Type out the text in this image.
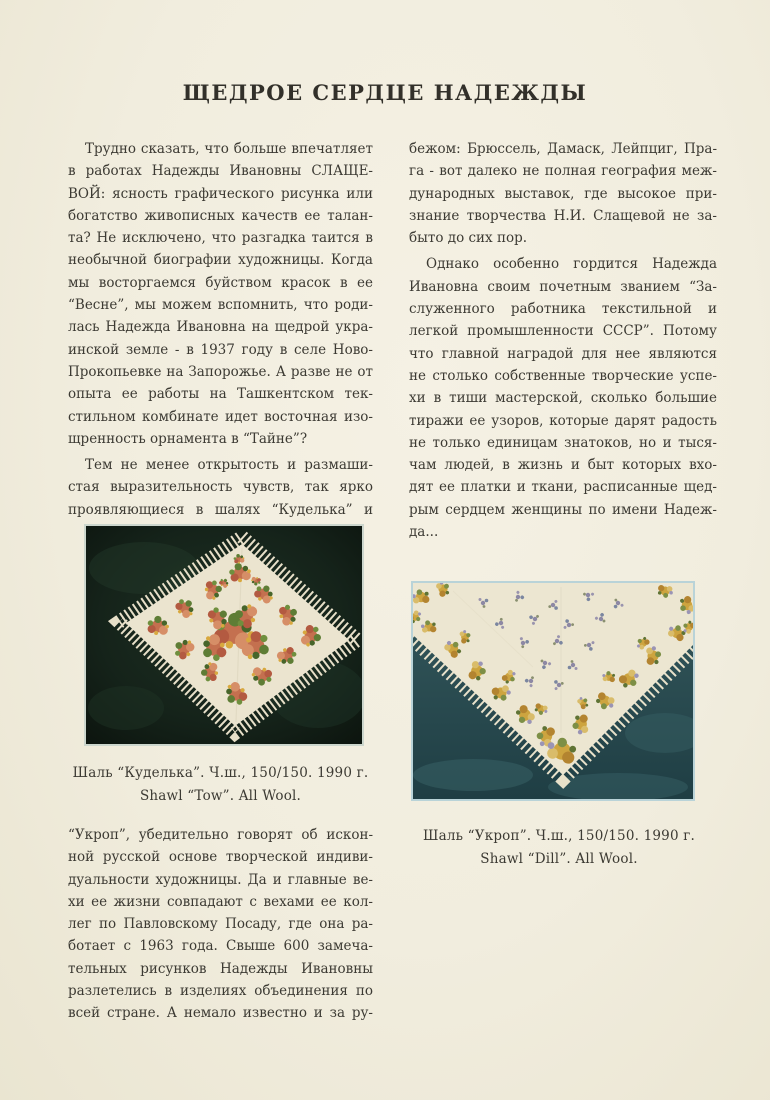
ЩЕДРОЕ СЕРДЦЕ НАДЕЖДЫ
Трудно сказать, что больше впечатляет
в работах Надежды Ивановны СЛАЩЕ-
ВОЙ: ясность графического рисунка или
богатство живописных качеств ее талан-
та? Не исключено, что разгадка таится в
необычной биографии художницы. Когда
мы восторгаемся буйством красок в ее
“Весне”, мы можем вспомнить, что роди-
лась Надежда Ивановна на щедрой укра-
инской земле - в 1937 году в селе Ново-
Прокопьевке на Запорожье. А разве не от
опыта ее работы на Ташкентском тек-
стильном комбинате идет восточная изо-
щренность орнамента в “Тайне”?
Тем не менее открытость и размаши-
стая выразительность чувств, так ярко
проявляющиеся в шалях “Куделька” и
бежом: Брюссель, Дамаск, Лейпциг, Пра-
га - вот далеко не полная география меж-
дународных выставок, где высокое при-
знание творчества Н.И. Слащевой не за-
быто до сих пор.
Однако особенно гордится Надежда
Ивановна своим почетным званием “За-
служенного работника текстильной и
легкой промышленности СССР”. Потому
что главной наградой для нее являются
не столько собственные творческие успе-
хи в тиши мастерской, сколько большие
тиражи ее узоров, которые дарят радость
не только единицам знатоков, но и тыся-
чам людей, в жизнь и быт которых вхо-
дят ее платки и ткани, расписанные щед-
рым сердцем женщины по имени Надеж-
да...
Шаль “Куделька”. Ч.ш., 150/150. 1990 г.
Shawl “Tow”. All Wool.
“Укроп”, убедительно говорят об искон-
ной русской основе творческой индиви-
дуальности художницы. Да и главные ве-
хи ее жизни совпадают с вехами ее кол-
лег по Павловскому Посаду, где она ра-
ботает с 1963 года. Свыше 600 замеча-
тельных рисунков Надежды Ивановны
разлетелись в изделиях объединения по
всей стране. А немало известно и за ру-
Шаль “Укроп”. Ч.ш., 150/150. 1990 г.
Shawl “Dill”. All Wool.
